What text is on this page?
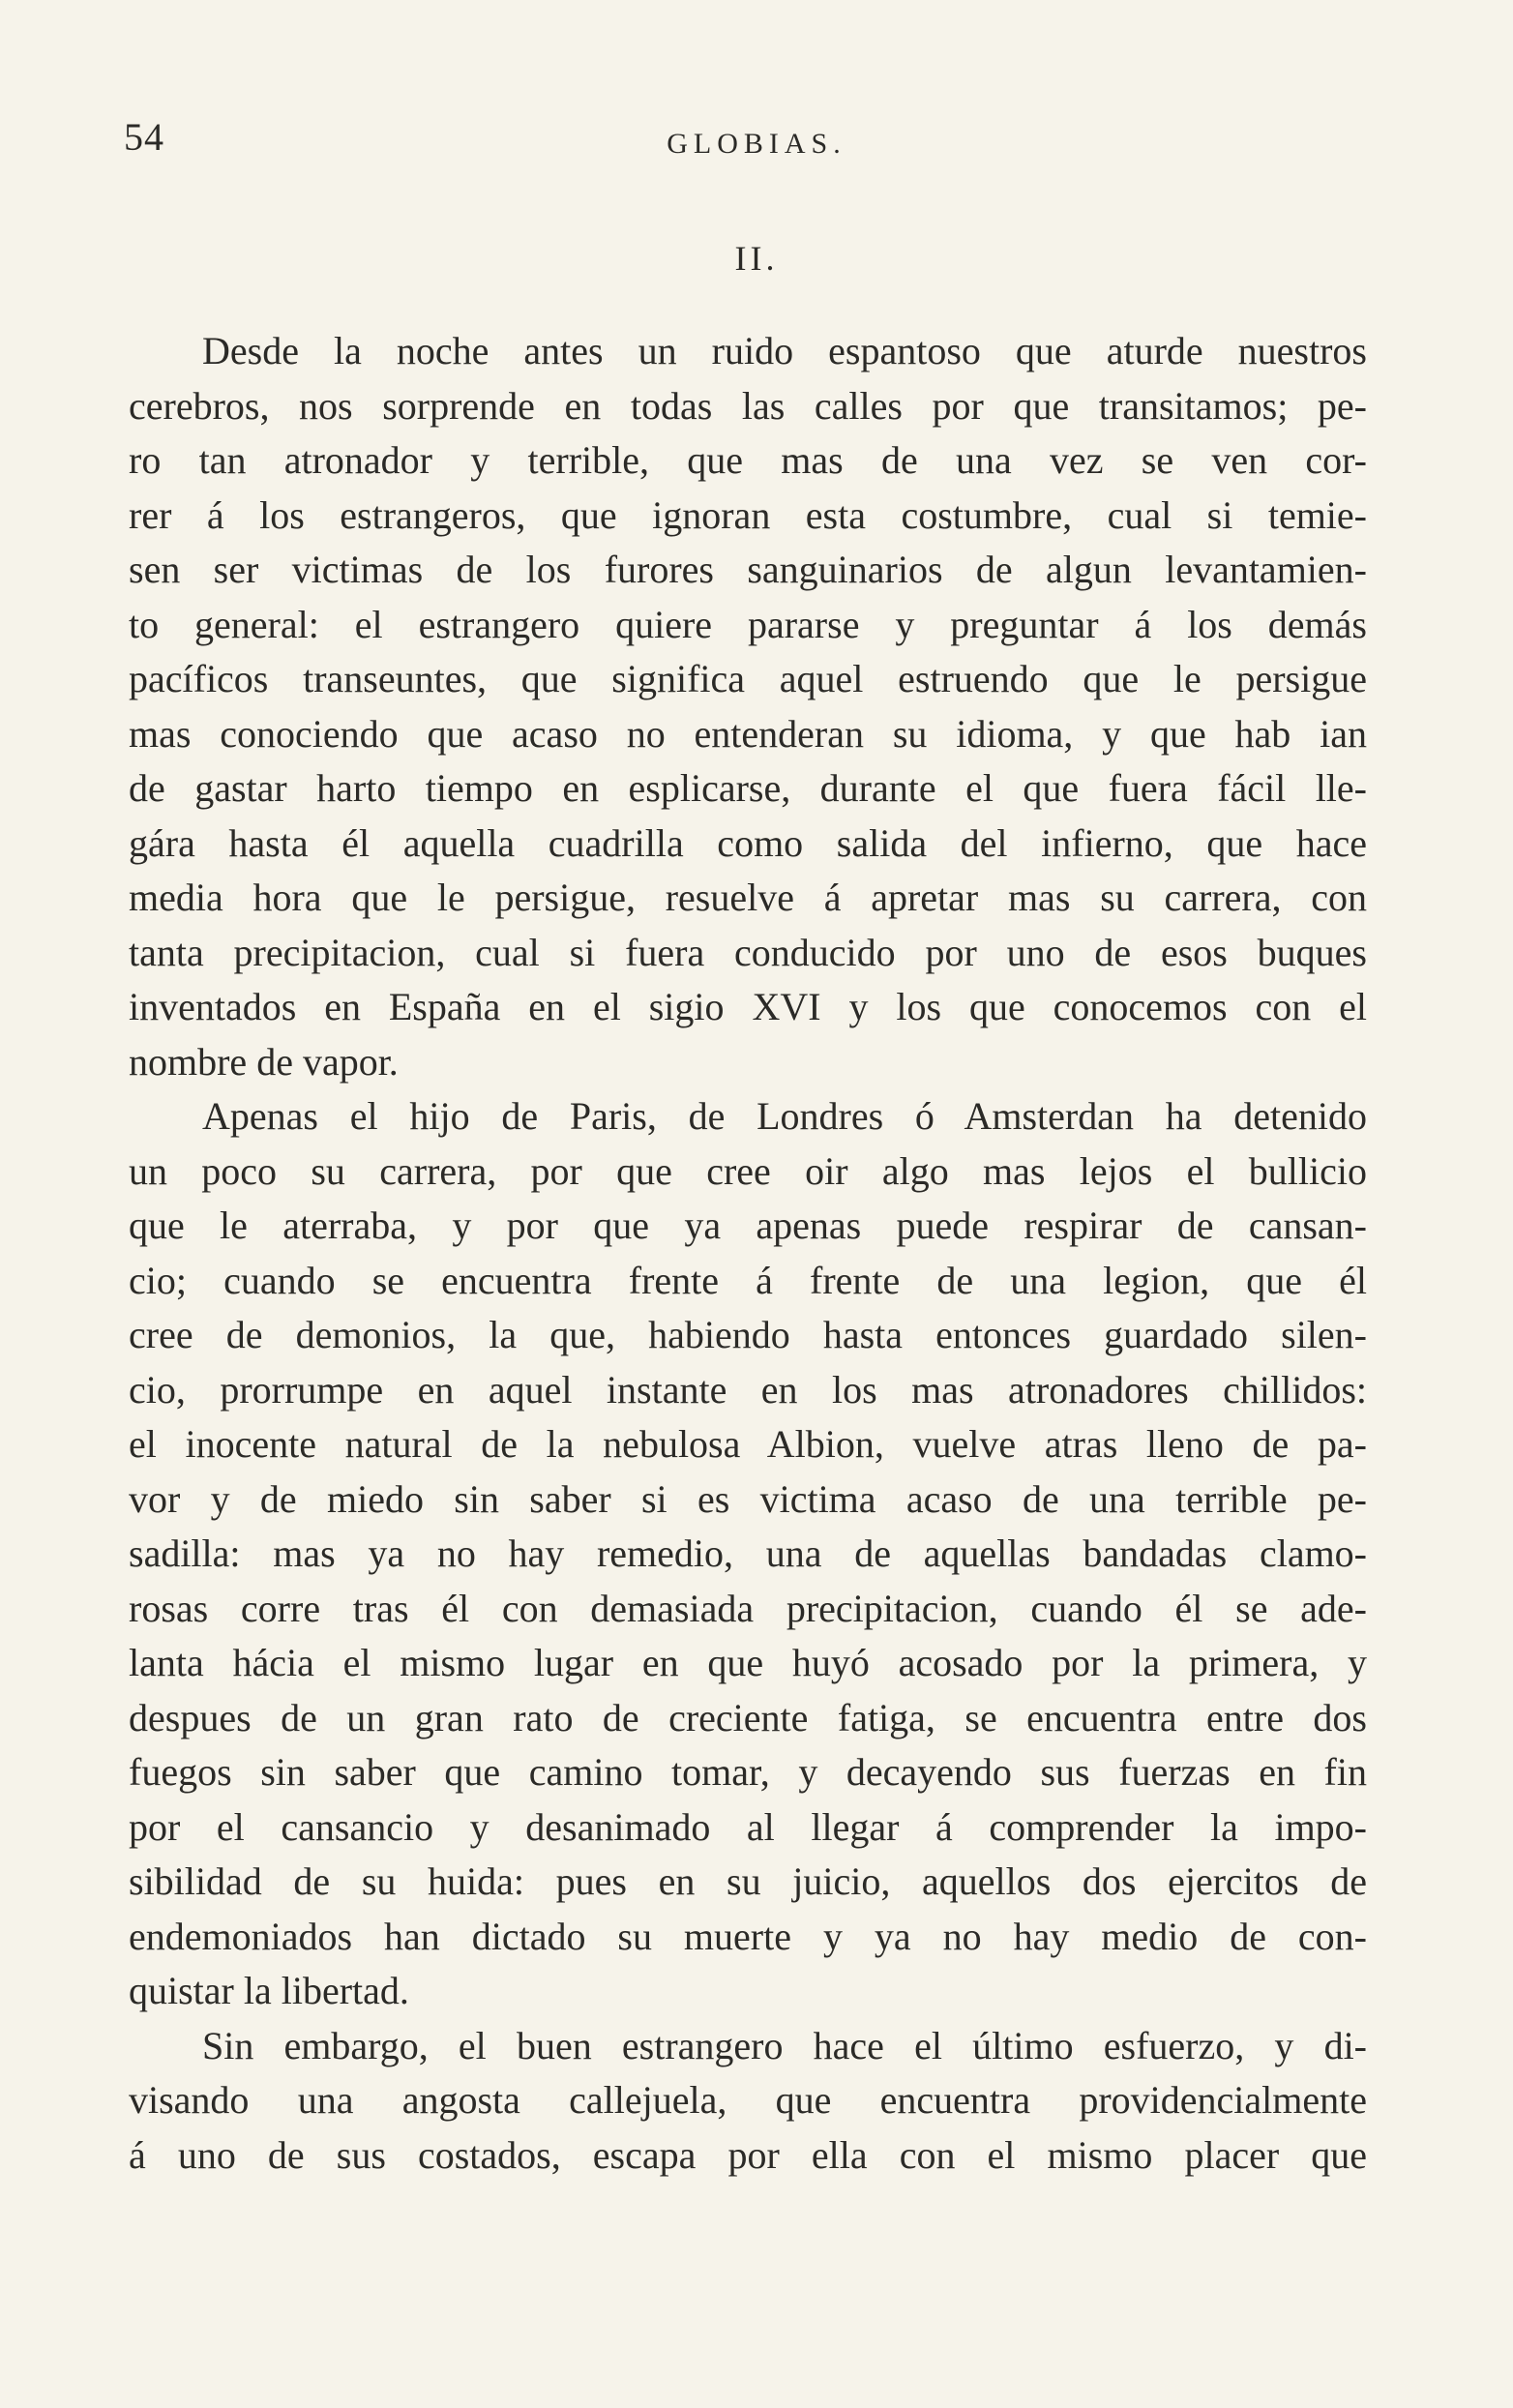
54	GLOBIAS.
II.
Desde la noche antes un ruido espantoso que aturde nuestros
cerebros, nos sorprende en todas las calles por que transitamos; pe-
ro tan atronador y terrible, que mas de una vez se ven cor-
rer á los estrangeros, que ignoran esta costumbre, cual si temie-
sen ser victimas de los furores sanguinarios de algun levantamien-
to general: el estrangero quiere pararse y preguntar á los demás
pacíficos transeuntes, que significa aquel estruendo que le persigue
mas conociendo que acaso no entenderan su idioma, y que hab ian
de gastar harto tiempo en esplicarse, durante el que fuera fácil lle-
gára hasta él aquella cuadrilla como salida del infierno, que hace
media hora que le persigue, resuelve á apretar mas su carrera, con
tanta precipitacion, cual si fuera conducido por uno de esos buques
inventados en España en el sigio XVI y los que conocemos con el
nombre de vapor.
Apenas el hijo de Paris, de Londres ó Amsterdan ha detenido
un poco su carrera, por que cree oir algo mas lejos el bullicio
que le aterraba, y por que ya apenas puede respirar de cansan-
cio; cuando se encuentra frente á frente de una legion, que él
cree de demonios, la que, habiendo hasta entonces guardado silen-
cio, prorrumpe en aquel instante en los mas atronadores chillidos:
el inocente natural de la nebulosa Albion, vuelve atras lleno de pa-
vor y de miedo sin saber si es victima acaso de una terrible pe-
sadilla: mas ya no hay remedio, una de aquellas bandadas clamo-
rosas corre tras él con demasiada precipitacion, cuando él se ade-
lanta hácia el mismo lugar en que huyó acosado por la primera, y
despues de un gran rato de creciente fatiga, se encuentra entre dos
fuegos sin saber que camino tomar, y decayendo sus fuerzas en fin
por el cansancio y desanimado al llegar á comprender la impo-
sibilidad de su huida: pues en su juicio, aquellos dos ejercitos de
endemoniados han dictado su muerte y ya no hay medio de con-
quistar la libertad.
Sin embargo, el buen estrangero hace el último esfuerzo, y di-
visando una angosta callejuela, que encuentra providencialmente
á uno de sus costados, escapa por ella con el mismo placer que
